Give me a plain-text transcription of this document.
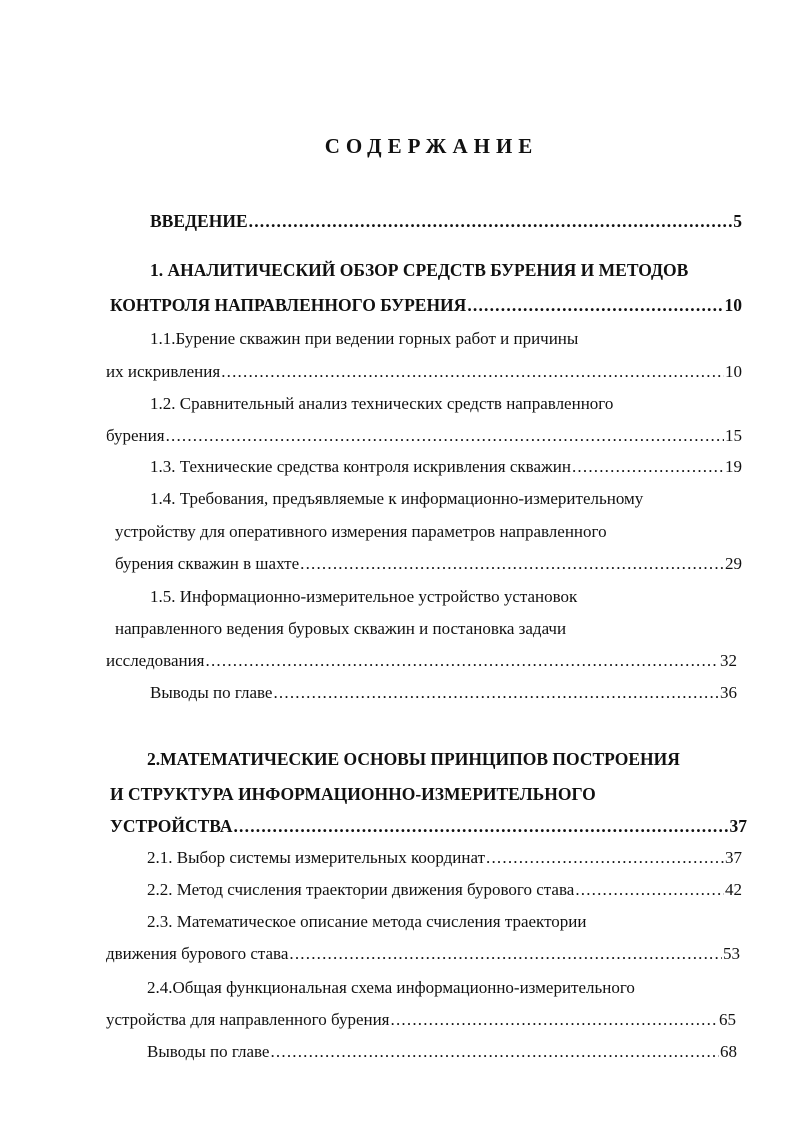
СОДЕРЖАНИЕ
ВВЕДЕНИЕ .....	5
1. АНАЛИТИЧЕСКИЙ ОБЗОР СРЕДСТВ БУРЕНИЯ И МЕТОДОВ
КОНТРОЛЯ НАПРАВЛЕННОГО БУРЕНИЯ .....	10
1.1.Бурение скважин при ведении горных работ и причины
их искривления .....	10
1.2. Сравнительный анализ технических средств направленного
бурения .....	15
1.3. Технические средства контроля искривления скважин .....	19
1.4. Требования, предъявляемые к информационно-измерительному
устройству для оперативного измерения параметров направленного
бурения скважин в шахте .....	29
1.5. Информационно-измерительное устройство установок
направленного ведения буровых скважин и постановка задачи
исследования .....	32
Выводы по главе .....	36
2.МАТЕМАТИЧЕСКИЕ ОСНОВЫ ПРИНЦИПОВ ПОСТРОЕНИЯ
И СТРУКТУРА ИНФОРМАЦИОННО-ИЗМЕРИТЕЛЬНОГО
УСТРОЙСТВА .....	37
2.1. Выбор системы измерительных координат .....	37
2.2. Метод счисления траектории движения бурового става .....	42
2.3. Математическое описание метода счисления траектории
движения бурового става .....	53
2.4.Общая функциональная схема информационно-измерительного
устройства для направленного бурения .....	65
Выводы по главе .....	68
